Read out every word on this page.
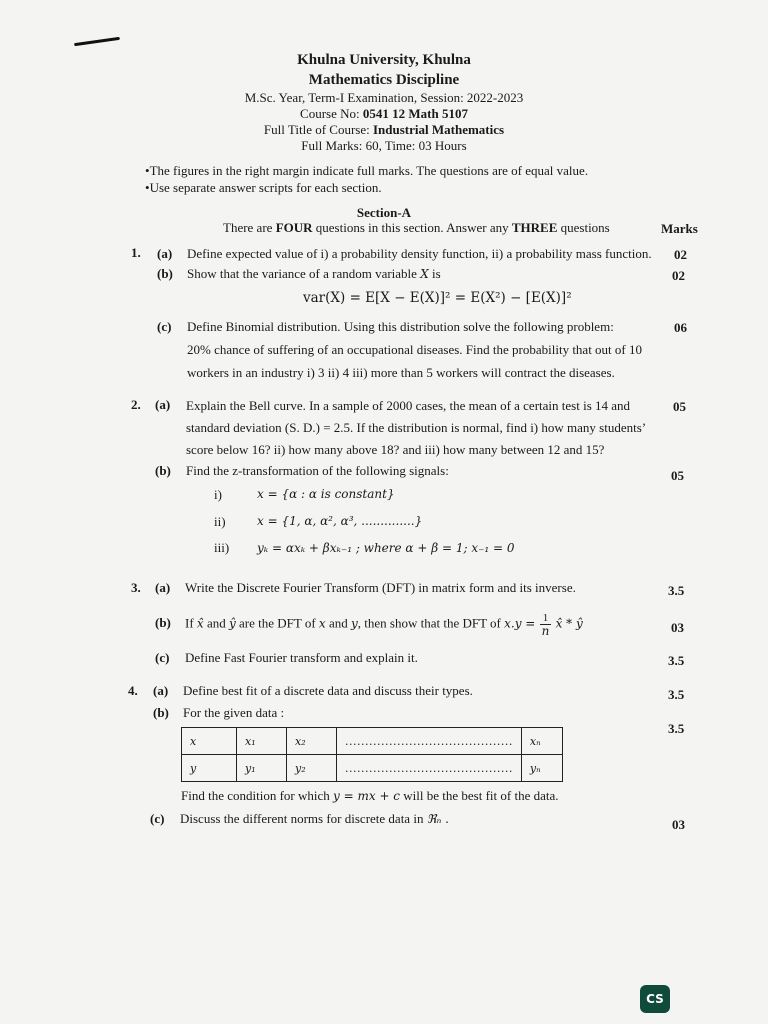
Khulna University, Khulna
Mathematics Discipline
M.Sc. Year, Term-I Examination, Session: 2022-2023
Course No: 0541 12 Math 5107
Full Title of Course: Industrial Mathematics
Full Marks: 60, Time: 03 Hours
•The figures in the right margin indicate full marks. The questions are of equal value.
•Use separate answer scripts for each section.
Section-A
There are FOUR questions in this section. Answer any THREE questions	Marks
1. (a) Define expected value of i) a probability density function, ii) a probability mass function. 02
(b) Show that the variance of a random variable X is	02
var(X) = E[X − E(X)]² = E(X²) − [E(X)]²
(c) Define Binomial distribution. Using this distribution solve the following problem:	06
20% chance of suffering of an occupational diseases. Find the probability that out of 10
workers in an industry i) 3 ii) 4 iii) more than 5 workers will contract the diseases.
2. (a) Explain the Bell curve. In a sample of 2000 cases, the mean of a certain test is 14 and	05
standard deviation (S. D.) = 2.5. If the distribution is normal, find i) how many students’
score below 16? ii) how many above 18? and iii) how many between 12 and 15?
(b) Find the z-transformation of the following signals:	05
i)	x = {α : α is constant}
ii)	x = {1, α, α², α³, ..............}
iii) yₖ = αxₖ + βxₖ₋₁ ; where α + β = 1; x₋₁ = 0
3. (a) Write the Discrete Fourier Transform (DFT) in matrix form and its inverse.	3.5
(b) If x̂ and ŷ are the DFT of x and y, then show that the DFT of $x.y = \frac{1}{n}$ x̂ * ŷ	03
(c) Define Fast Fourier transform and explain it.	3.5
4. (a) Define best fit of a discrete data and discuss their types.	3.5
(b) For the given data :
3.5
x	x₁	x₂	..........................................	xₙ
y	y₁	y₂	..........................................	yₙ
Find the condition for which y = mx + c will be the best fit of the data.
(c) Discuss the different norms for discrete data in ℜₙ .	03
CS
